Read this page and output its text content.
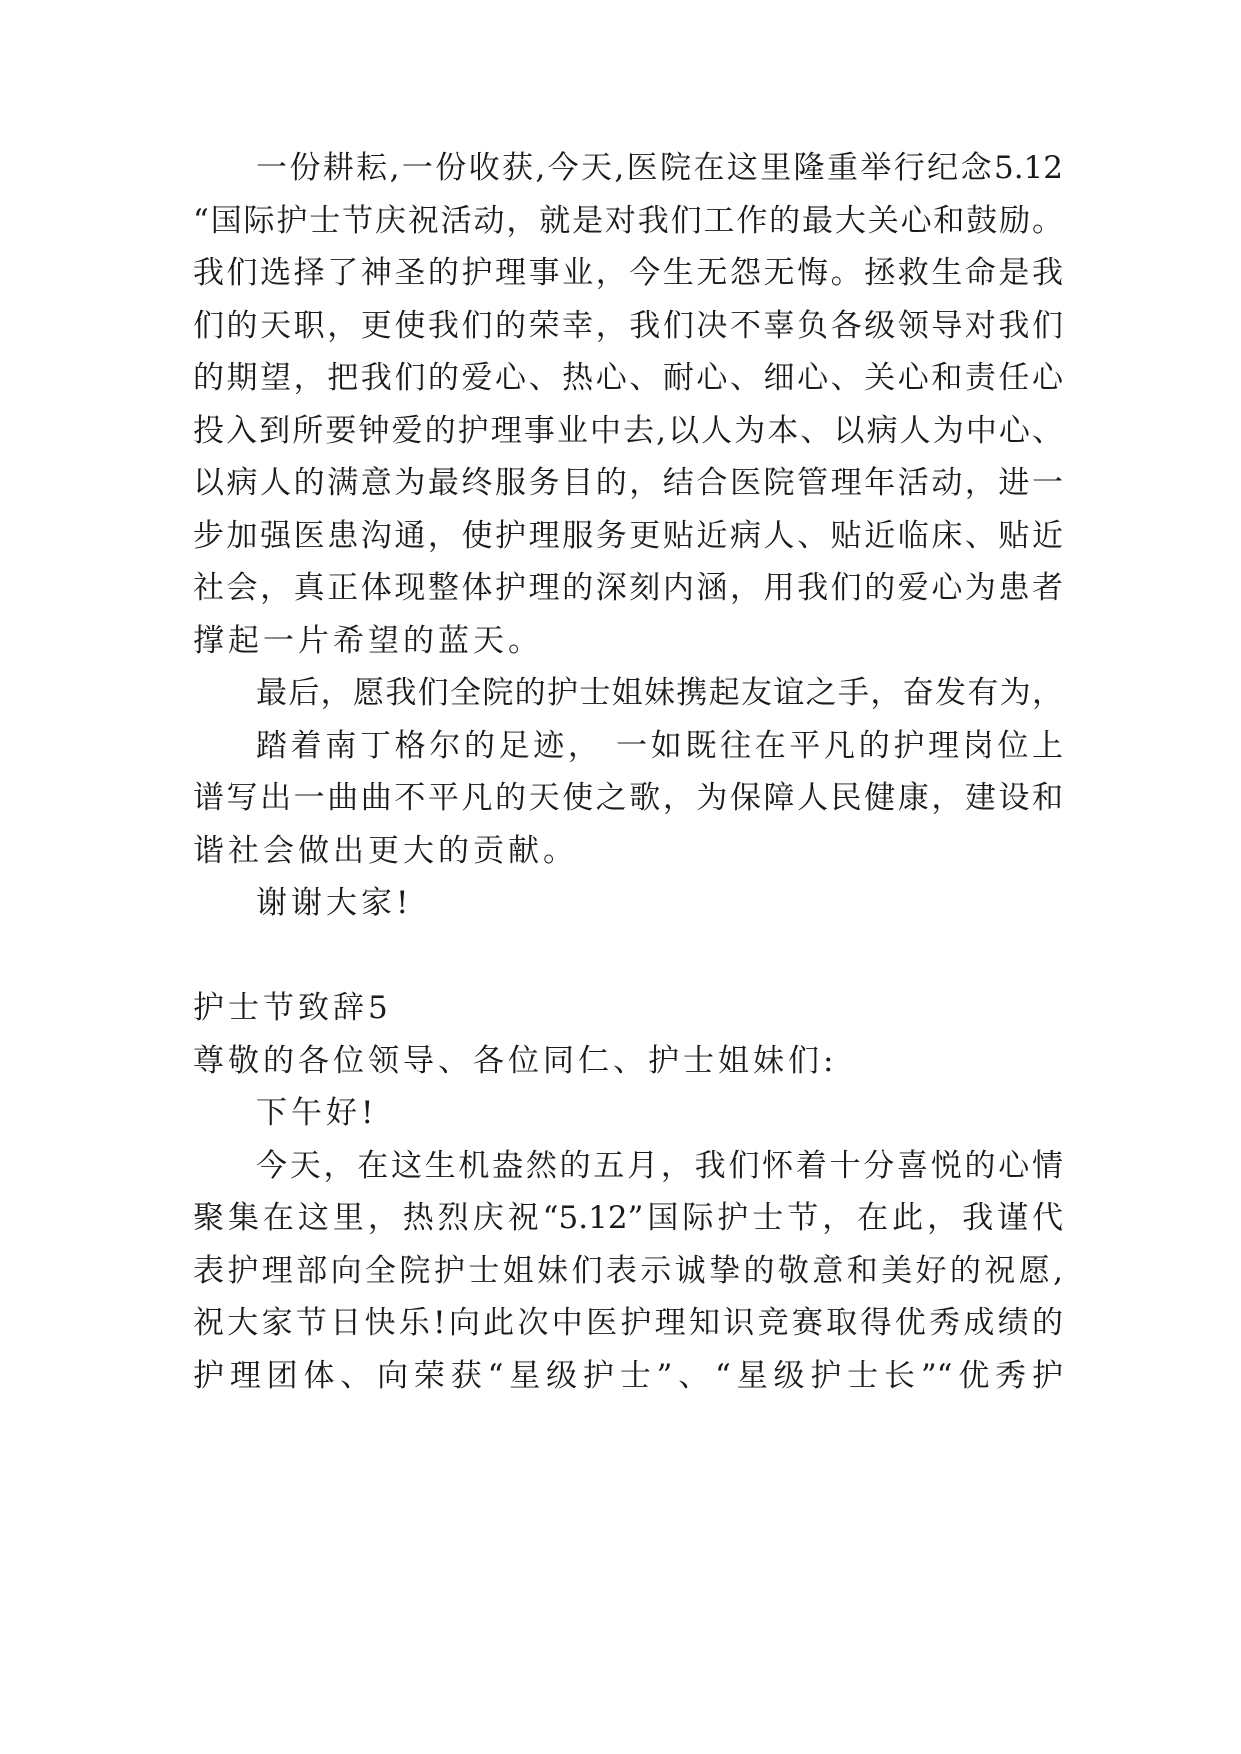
一份耕耘,一份收获,今天,医院在这里隆重举行纪念5.12
“国际护士节庆祝活动，就是对我们工作的最大关心和鼓励。
我们选择了神圣的护理事业，今生无怨无悔。拯救生命是我
们的天职，更使我们的荣幸，我们决不辜负各级领导对我们
的期望，把我们的爱心、热心、耐心、细心、关心和责任心
投入到所要钟爱的护理事业中去,以人为本、以病人为中心、
以病人的满意为最终服务目的，结合医院管理年活动，进一
步加强医患沟通，使护理服务更贴近病人、贴近临床、贴近
社会，真正体现整体护理的深刻内涵，用我们的爱心为患者
撑起一片希望的蓝天。
最后，愿我们全院的护士姐妹携起友谊之手，奋发有为，
踏着南丁格尔的足迹， 一如既往在平凡的护理岗位上
谱写出一曲曲不平凡的天使之歌，为保障人民健康，建设和
谐社会做出更大的贡献。
谢谢大家!
护士节致辞5
尊敬的各位领导、各位同仁、护士姐妹们:
下午好!
今天，在这生机盎然的五月，我们怀着十分喜悦的心情
聚集在这里，热烈庆祝“5.12”国际护士节，在此，我谨代
表护理部向全院护士姐妹们表示诚挚的敬意和美好的祝愿,
祝大家节日快乐!向此次中医护理知识竞赛取得优秀成绩的
护理团体、向荣获“星级护士”、“星级护士长”“优秀护
